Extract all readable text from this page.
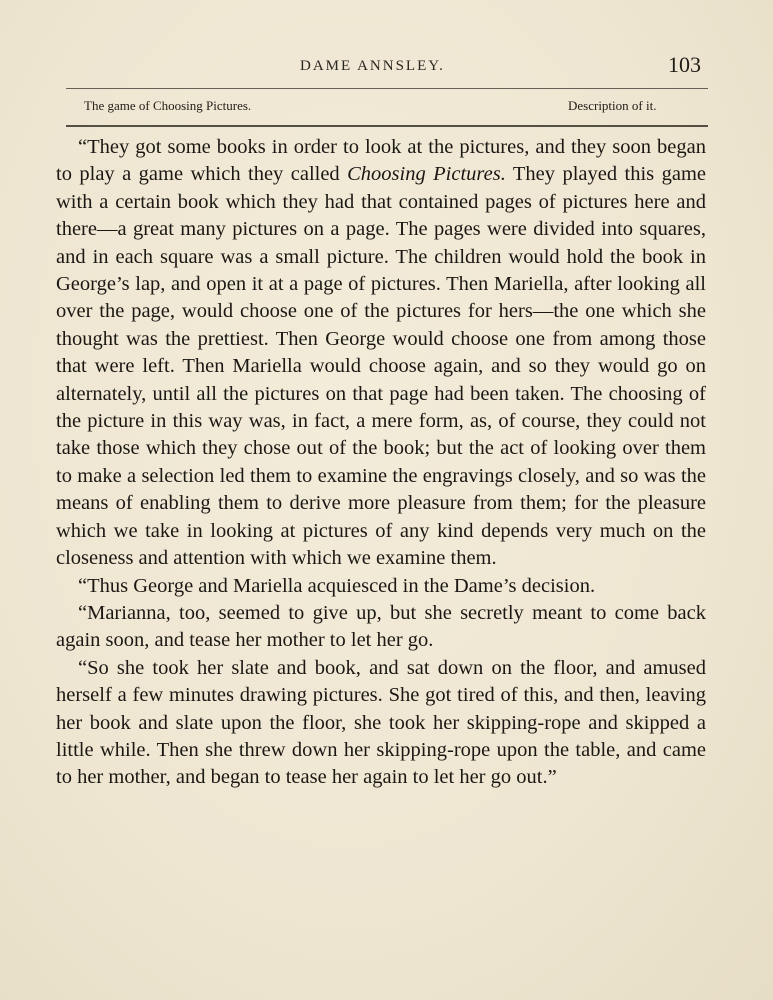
DAME ANNSLEY.	103
The game of Choosing Pictures.	Description of it.

“They got some books in order to look at the pictures, and they soon began to play a game which they called Choosing Pictures. They played this game with a certain book which they had that contained pages of pictures here and there—a great many pictures on a page. The pages were divided into squares, and in each square was a small picture. The children would hold the book in George’s lap, and open it at a page of pictures. Then Mariella, after looking all over the page, would choose one of the pictures for hers—the one which she thought was the prettiest. Then George would choose one from among those that were left. Then Mariella would choose again, and so they would go on alternately, until all the pictures on that page had been taken. The choosing of the picture in this way was, in fact, a mere form, as, of course, they could not take those which they chose out of the book; but the act of looking over them to make a selection led them to examine the engravings closely, and so was the means of enabling them to derive more pleasure from them; for the pleasure which we take in looking at pictures of any kind depends very much on the closeness and attention with which we examine them.

“Thus George and Mariella acquiesced in the Dame’s decision.

“Marianna, too, seemed to give up, but she secretly meant to come back again soon, and tease her mother to let her go.

“So she took her slate and book, and sat down on the floor, and amused herself a few minutes drawing pictures. She got tired of this, and then, leaving her book and slate upon the floor, she took her skipping-rope and skipped a little while. Then she threw down her skipping-rope upon the table, and came to her mother, and began to tease her again to let her go out.”
